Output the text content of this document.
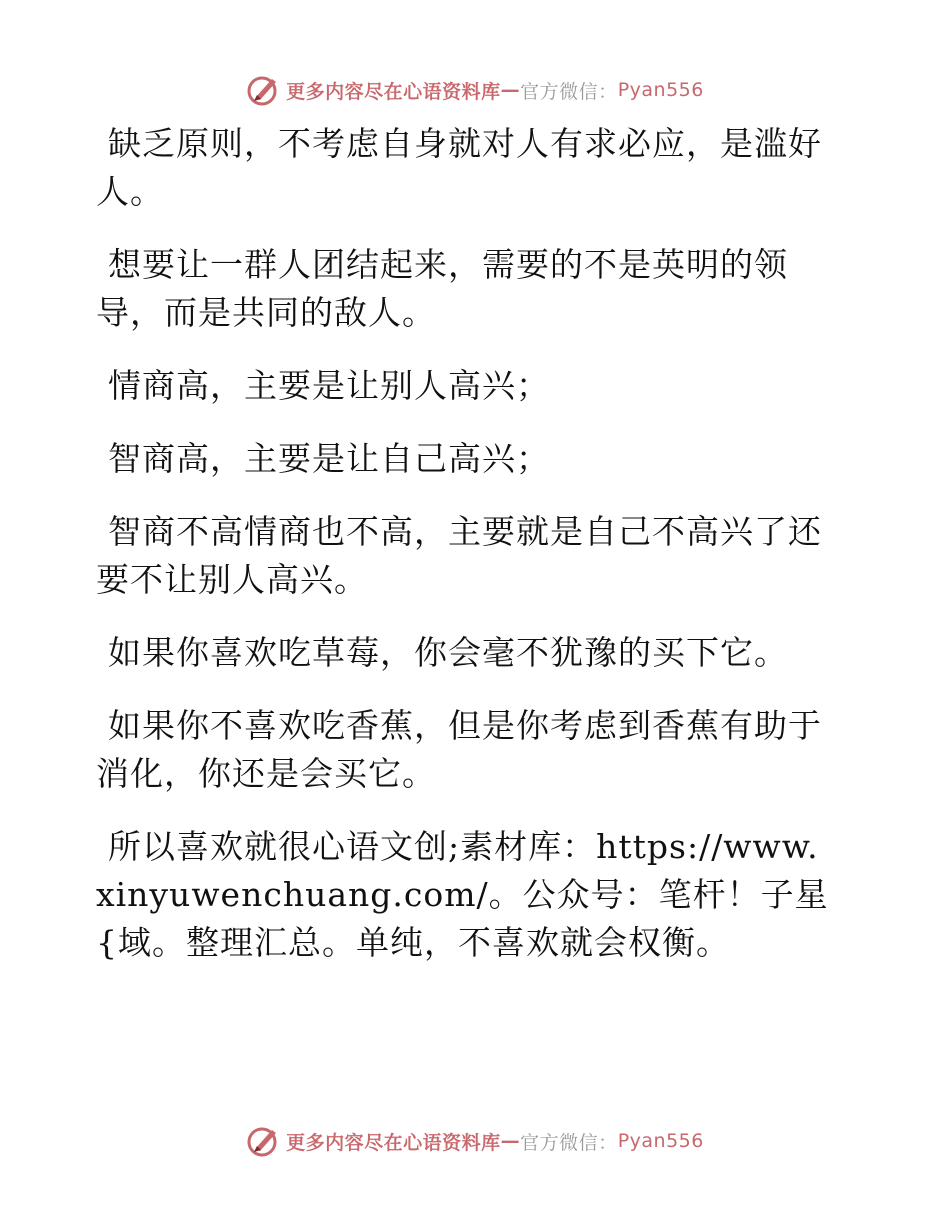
更多内容尽在心语资料库 — 官方微信： Pyan556

缺乏原则，不考虑自身就对人有求必应，是滥好人。

想要让一群人团结起来，需要的不是英明的领导，而是共同的敌人。

情商高，主要是让别人高兴；

智商高，主要是让自己高兴；

智商不高情商也不高，主要就是自己不高兴了还要不让别人高兴。

如果你喜欢吃草莓，你会毫不犹豫的买下它。

如果你不喜欢吃香蕉，但是你考虑到香蕉有助于消化，你还是会买它。

所以喜欢就很心语文创;素材库：https://www.xinyuwenchuang.com/。公众号：笔杆！子星{域。整理汇总。单纯，不喜欢就会权衡。

更多内容尽在心语资料库 — 官方微信： Pyan556
